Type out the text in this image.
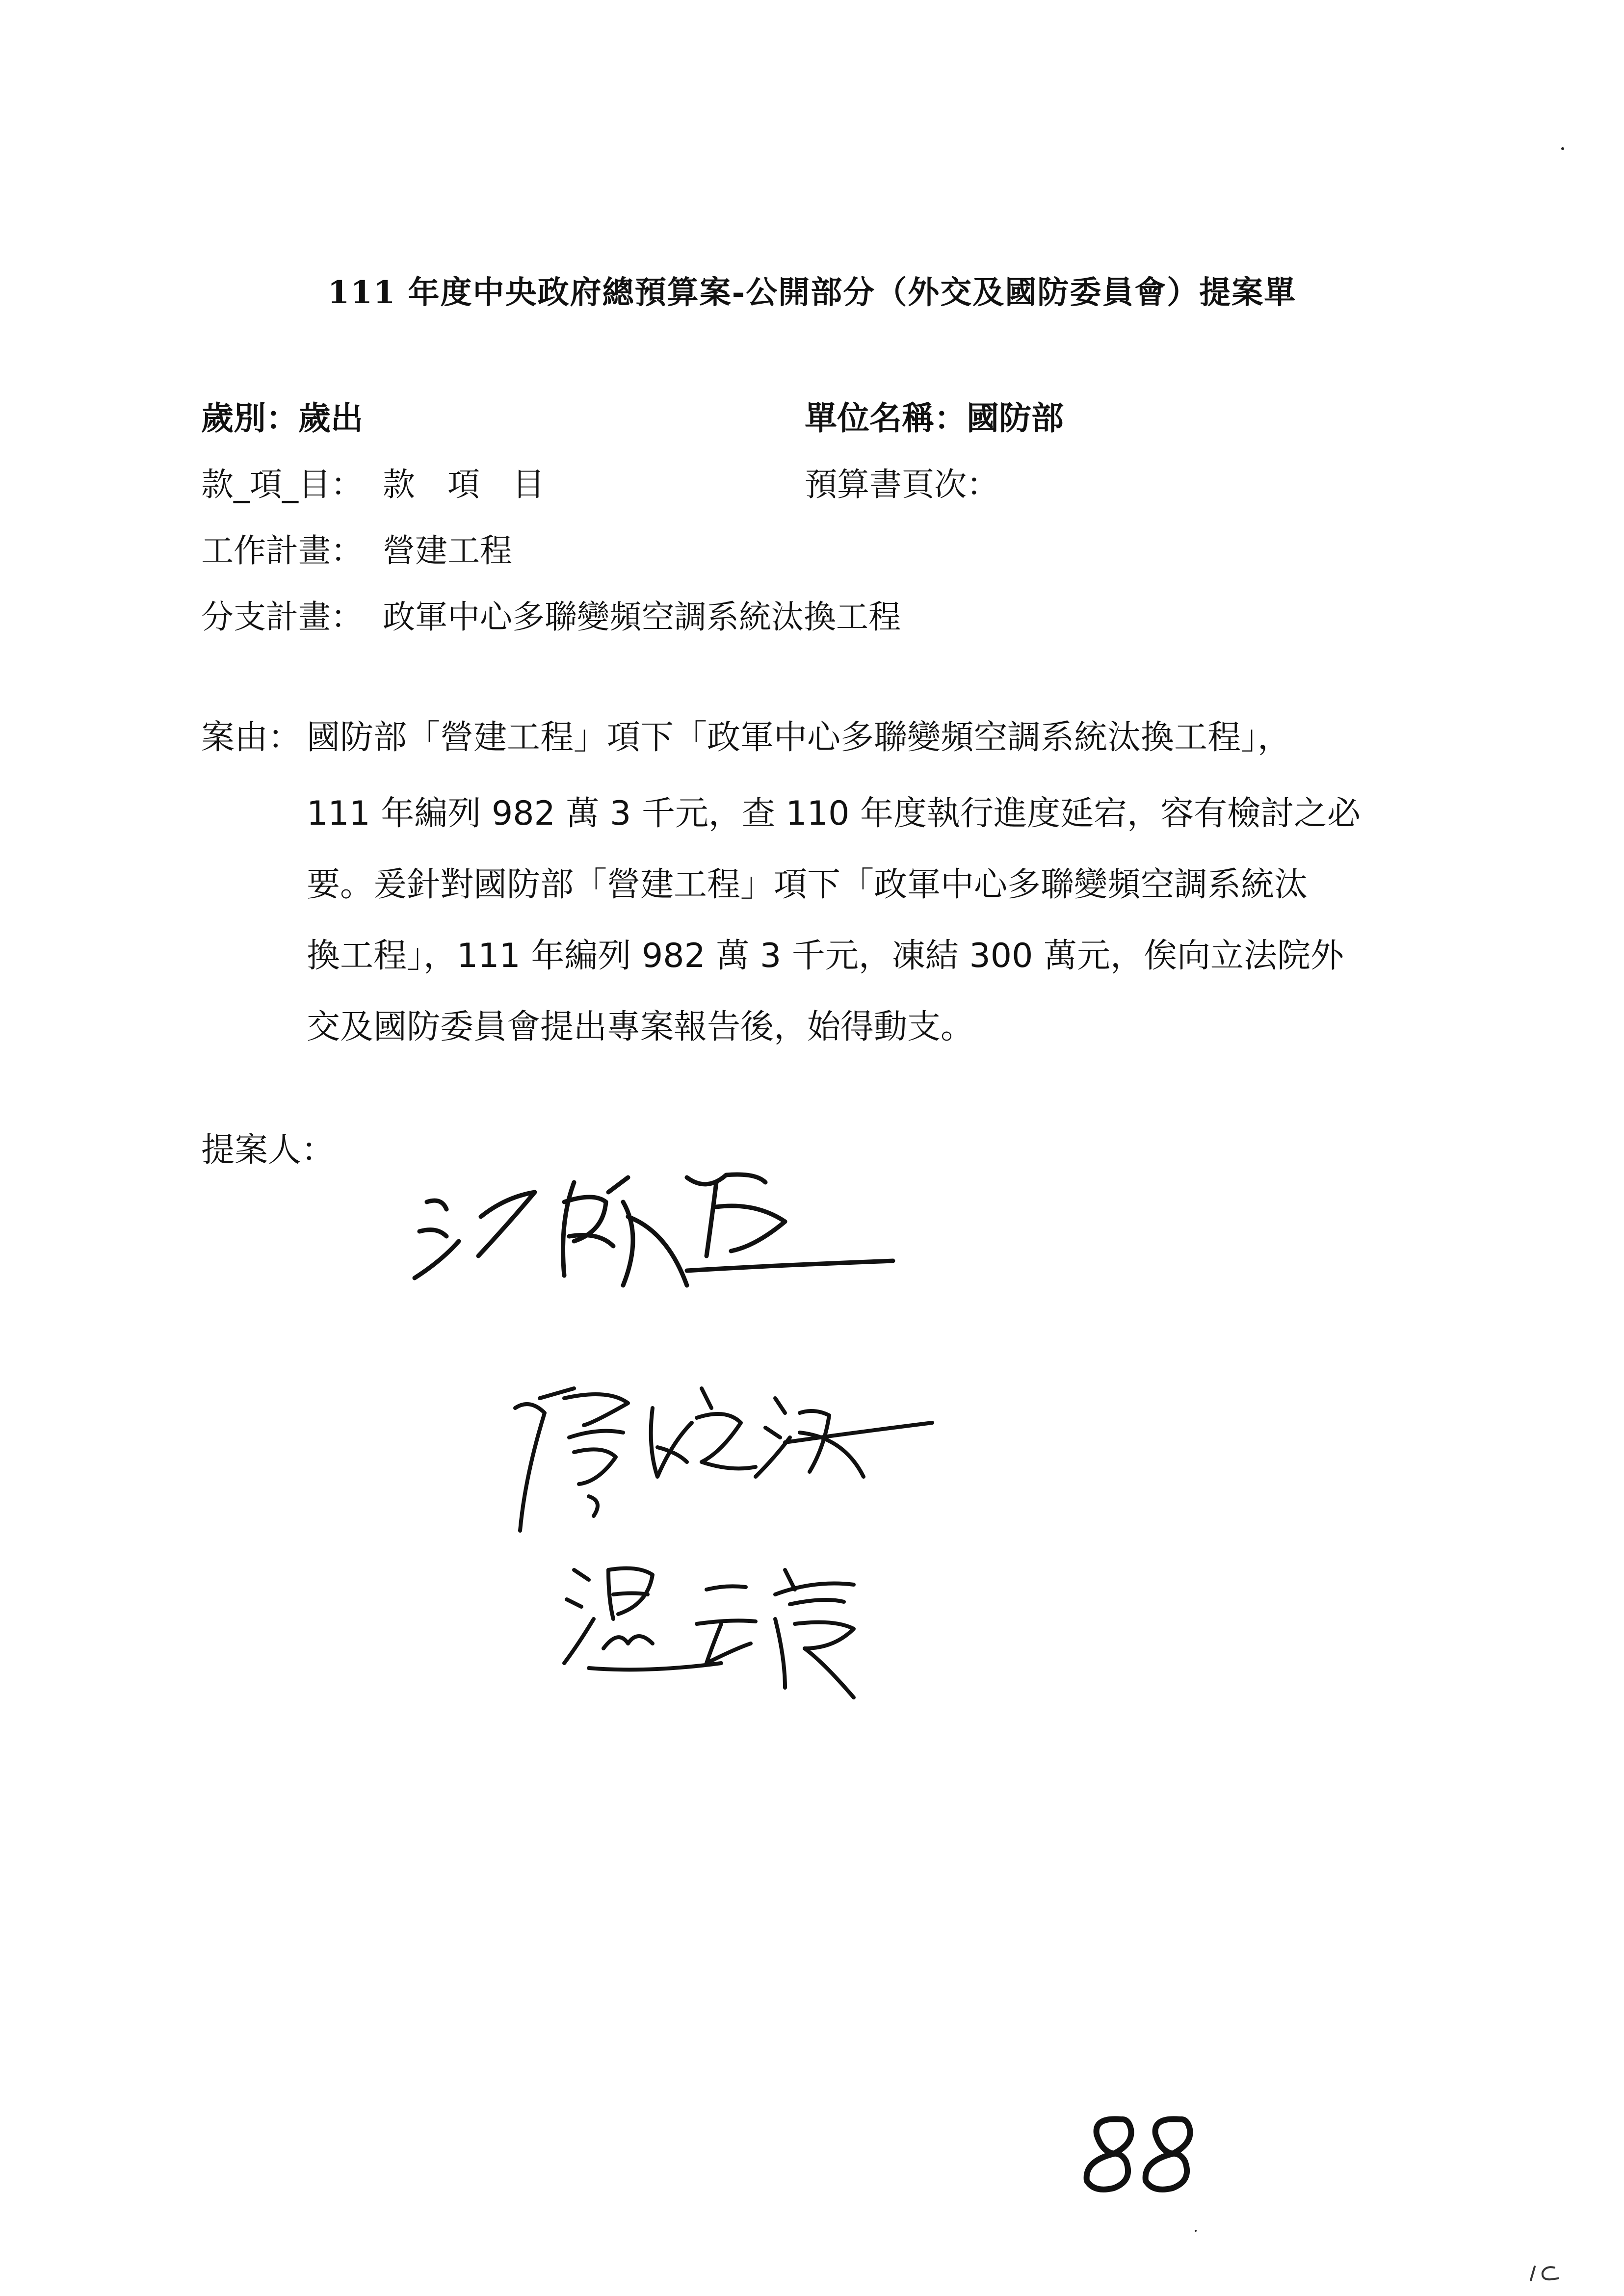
111 年度中央政府總預算案-公開部分（外交及國防委員會）提案單
歲別：歲出	單位名稱：國防部
款_項_目： 款　項　目	預算書頁次：
工作計畫： 營建工程
分支計畫： 政軍中心多聯變頻空調系統汰換工程
案由： 國防部「營建工程」項下「政軍中心多聯變頻空調系統汰換工程」，
111 年編列 982 萬 3 千元，查 110 年度執行進度延宕，容有檢討之必
要。爰針對國防部「營建工程」項下「政軍中心多聯變頻空調系統汰
換工程」，111 年編列 982 萬 3 千元，凍結 300 萬元，俟向立法院外
交及國防委員會提出專案報告後，始得動支。
提案人：
